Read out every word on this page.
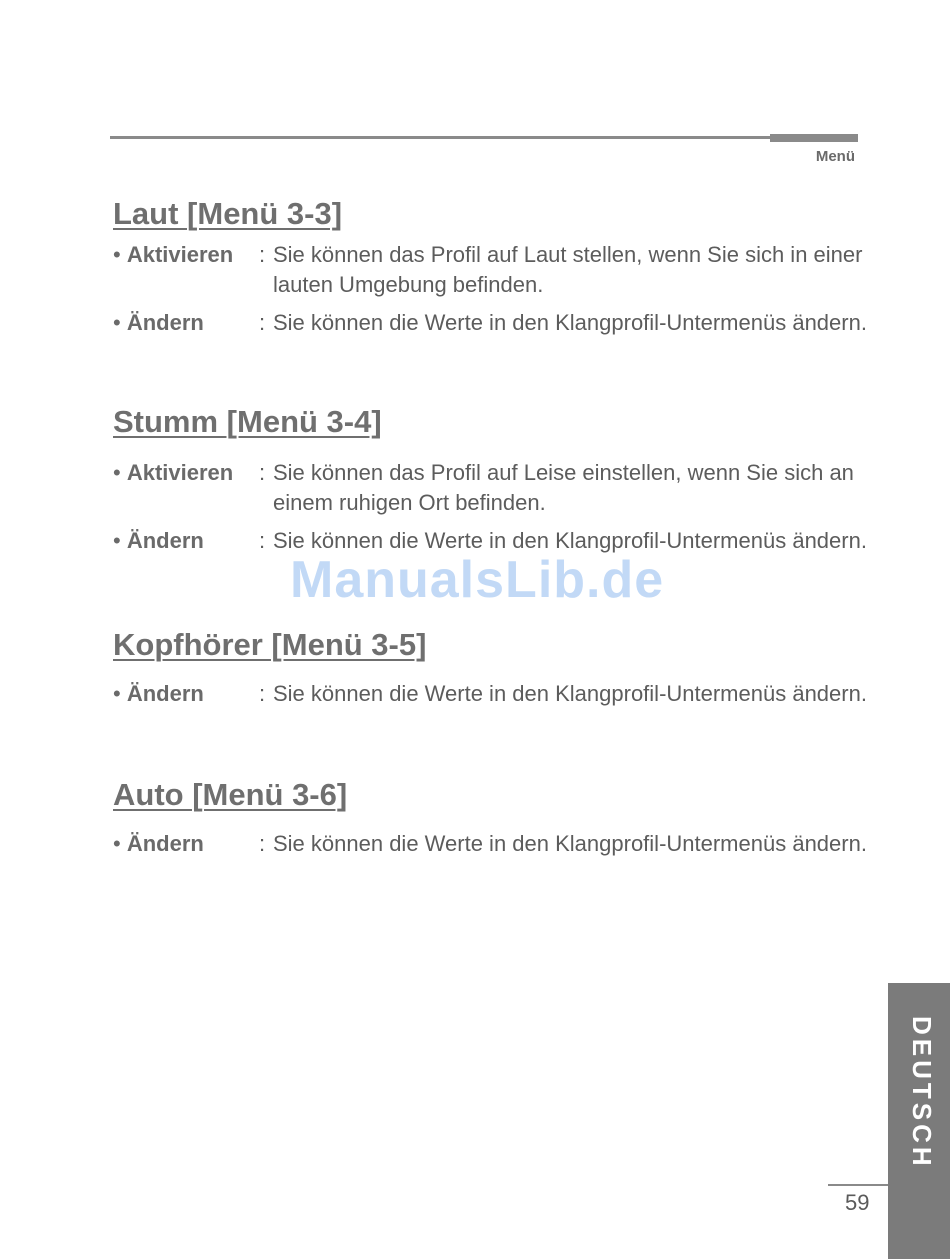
Menü
Laut [Menü 3-3]
• Aktivieren	: Sie können das Profil auf Laut stellen, wenn Sie sich in einer lauten Umgebung befinden.
• Ändern	: Sie können die Werte in den Klangprofil-Untermenüs ändern.
Stumm [Menü 3-4]
• Aktivieren	: Sie können das Profil auf Leise einstellen, wenn Sie sich an einem ruhigen Ort befinden.
• Ändern	: Sie können die Werte in den Klangprofil-Untermenüs ändern.
Kopfhörer [Menü 3-5]
• Ändern	: Sie können die Werte in den Klangprofil-Untermenüs ändern.
Auto [Menü 3-6]
• Ändern	: Sie können die Werte in den Klangprofil-Untermenüs ändern.
ManualsLib.de
DEUTSCH
59
